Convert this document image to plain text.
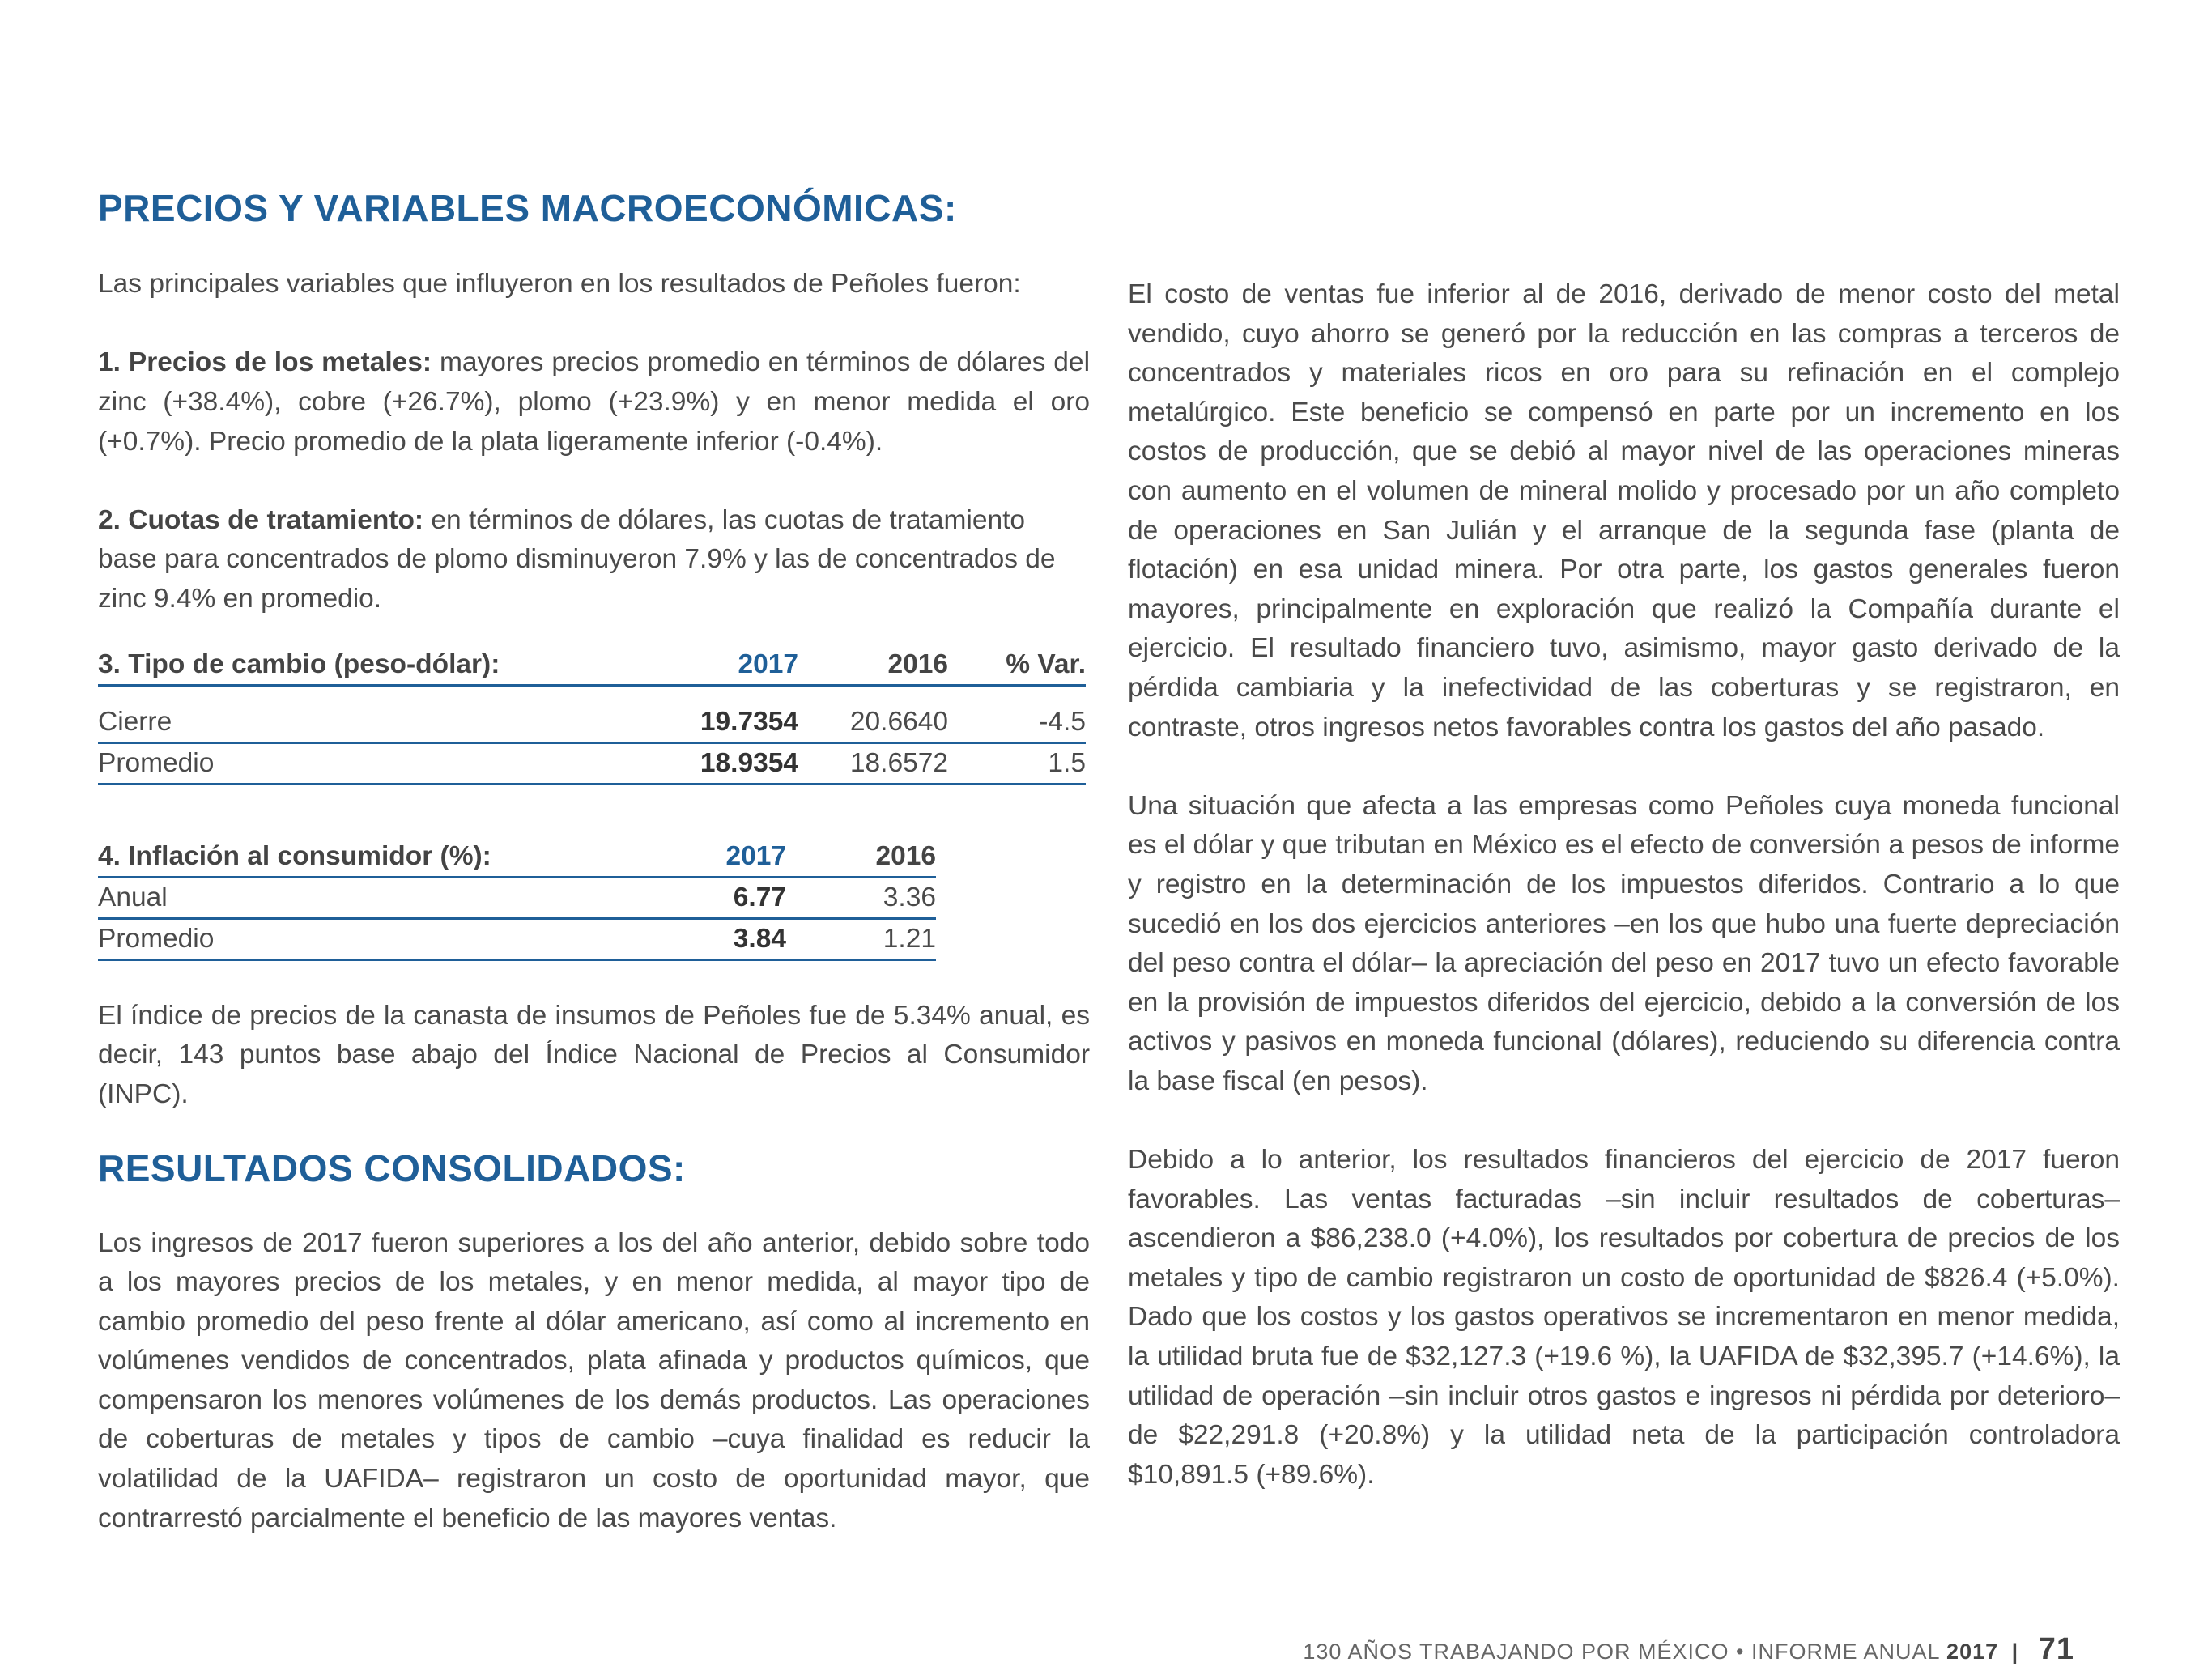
PRECIOS Y VARIABLES MACROECONÓMICAS:

Las principales variables que influyeron en los resultados de Peñoles fueron:

1. Precios de los metales: mayores precios promedio en términos de dólares del zinc (+38.4%), cobre (+26.7%), plomo (+23.9%) y en menor medida el oro (+0.7%). Precio promedio de la plata ligeramente inferior (-0.4%).

2. Cuotas de tratamiento: en términos de dólares, las cuotas de tratamiento base para concentrados de plomo disminuyeron 7.9% y las de concentrados de zinc 9.4% en promedio.

3. Tipo de cambio (peso-dólar):	2017	2016	% Var.

Cierre	19.7354	20.6640	-4.5
Promedio	18.9354	18.6572	1.5
4. Inflación al consumidor (%):	2017	2016
Anual	6.77	3.36
Promedio	3.84	1.21

El índice de precios de la canasta de insumos de Peñoles fue de 5.34% anual, es decir, 143 puntos base abajo del Índice Nacional de Precios al Consumidor (INPC).

RESULTADOS CONSOLIDADOS:

Los ingresos de 2017 fueron superiores a los del año anterior, debido sobre todo a los mayores precios de los metales, y en menor medida, al mayor tipo de cambio promedio del peso frente al dólar americano, así como al incremento en volúmenes vendidos de concentrados, plata afinada y productos químicos, que compensaron los menores volúmenes de los demás productos. Las operaciones de coberturas de metales y tipos de cambio –cuya finalidad es reducir la volatilidad de la UAFIDA– registraron un costo de oportunidad mayor, que contrarrestó parcialmente el beneficio de las mayores ventas.

El costo de ventas fue inferior al de 2016, derivado de menor costo del metal vendido, cuyo ahorro se generó por la reducción en las compras a terceros de concentrados y materiales ricos en oro para su refinación en el complejo metalúrgico. Este beneficio se compensó en parte por un incremento en los costos de producción, que se debió al mayor nivel de las operaciones mineras con aumento en el volumen de mineral molido y procesado por un año completo de operaciones en San Julián y el arranque de la segunda fase (planta de flotación) en esa unidad minera. Por otra parte, los gastos generales fueron mayores, principalmente en exploración que realizó la Compañía durante el ejercicio. El resultado financiero tuvo, asimismo, mayor gasto derivado de la pérdida cambiaria y la inefectividad de las coberturas y se registraron, en contraste, otros ingresos netos favorables contra los gastos del año pasado.

Una situación que afecta a las empresas como Peñoles cuya moneda funcional es el dólar y que tributan en México es el efecto de conversión a pesos de informe y registro en la determinación de los impuestos diferidos. Contrario a lo que sucedió en los dos ejercicios anteriores –en los que hubo una fuerte depreciación del peso contra el dólar– la apreciación del peso en 2017 tuvo un efecto favorable en la provisión de impuestos diferidos del ejercicio, debido a la conversión de los activos y pasivos en moneda funcional (dólares), reduciendo su diferencia contra la base fiscal (en pesos).

Debido a lo anterior, los resultados financieros del ejercicio de 2017 fueron favorables. Las ventas facturadas –sin incluir resultados de coberturas– ascendieron a $86,238.0 (+4.0%), los resultados por cobertura de precios de los metales y tipo de cambio registraron un costo de oportunidad de $826.4 (+5.0%). Dado que los costos y los gastos operativos se incrementaron en menor medida, la utilidad bruta fue de $32,127.3 (+19.6 %), la UAFIDA de $32,395.7 (+14.6%), la utilidad de operación –sin incluir otros gastos e ingresos ni pérdida por deterioro– de $22,291.8 (+20.8%) y la utilidad neta de la participación controladora $10,891.5 (+89.6%).

130 AÑOS TRABAJANDO POR MÉXICO • INFORME ANUAL 2017 | 71
